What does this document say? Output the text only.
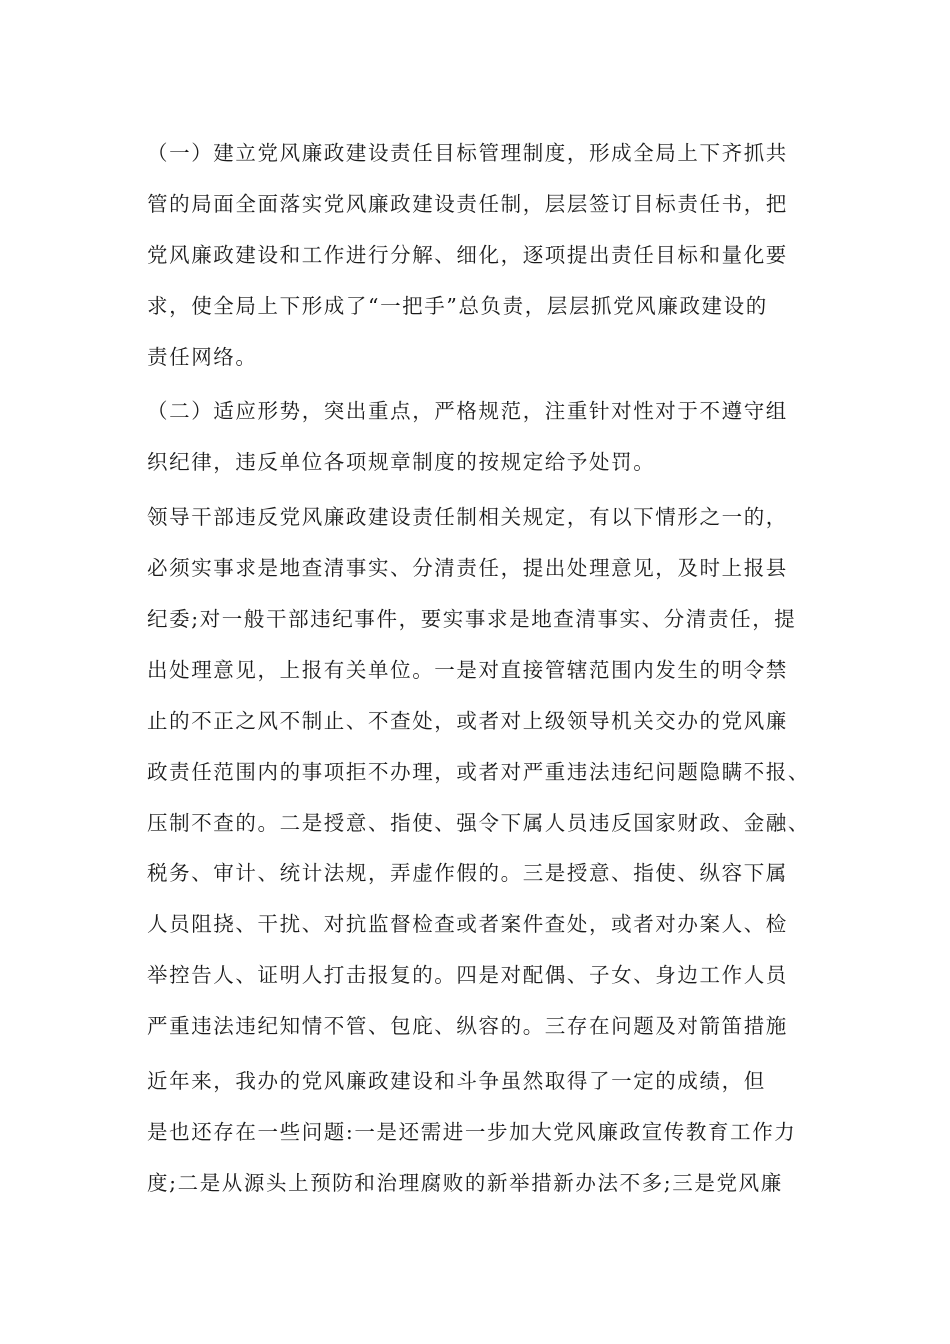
（一）建立党风廉政建设责任目标管理制度，形成全局上下齐抓共
管的局面全面落实党风廉政建设责任制，层层签订目标责任书，把
党风廉政建设和工作进行分解、细化，逐项提出责任目标和量化要
求，使全局上下形成了“一把手”总负责，层层抓党风廉政建设的
责任网络。
（二）适应形势，突出重点，严格规范，注重针对性对于不遵守组
织纪律，违反单位各项规章制度的按规定给予处罚。
领导干部违反党风廉政建设责任制相关规定，有以下情形之一的，
必须实事求是地查清事实、分清责任，提出处理意见，及时上报县
纪委;对一般干部违纪事件，要实事求是地查清事实、分清责任，提
出处理意见，上报有关单位。一是对直接管辖范围内发生的明令禁
止的不正之风不制止、不查处，或者对上级领导机关交办的党风廉
政责任范围内的事项拒不办理，或者对严重违法违纪问题隐瞒不报、
压制不查的。二是授意、指使、强令下属人员违反国家财政、金融、
税务、审计、统计法规，弄虚作假的。三是授意、指使、纵容下属
人员阻挠、干扰、对抗监督检查或者案件查处，或者对办案人、检
举控告人、证明人打击报复的。四是对配偶、子女、身边工作人员
严重违法违纪知情不管、包庇、纵容的。三存在问题及对箭笛措施
近年来，我办的党风廉政建设和斗争虽然取得了一定的成绩，但
是也还存在一些问题:一是还需进一步加大党风廉政宣传教育工作力
度;二是从源头上预防和治理腐败的新举措新办法不多;三是党风廉
